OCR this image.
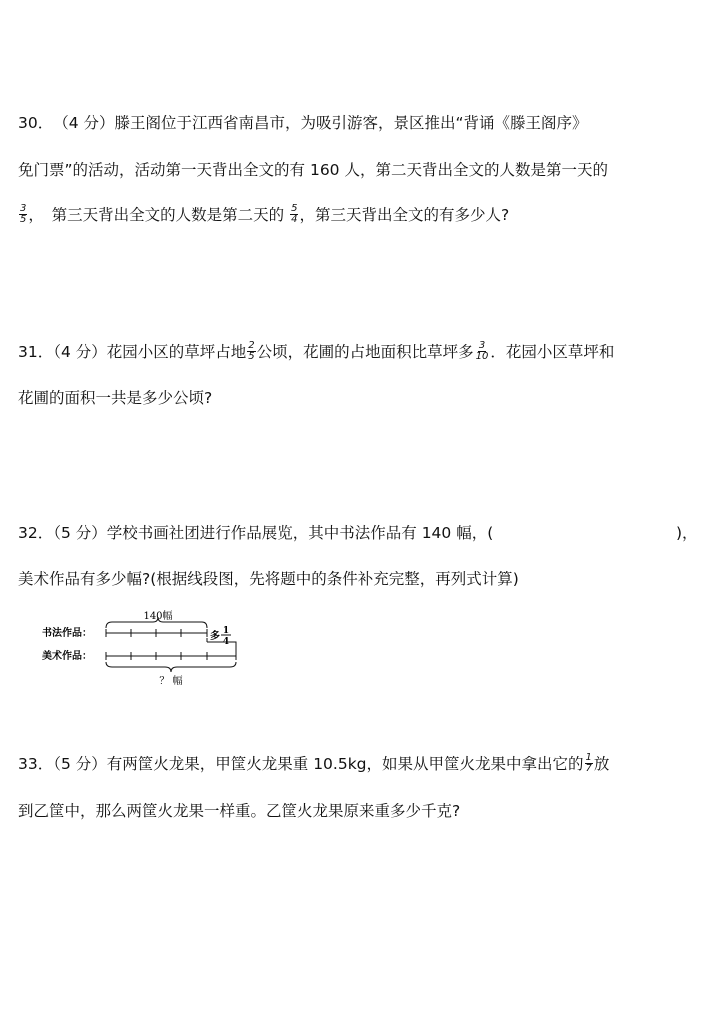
30．　（4 分）滕王阁位于江西省南昌市，为吸引游客，景区推出“背诵《滕王阁序》
免门票”的活动，活动第一天背出全文的有 160 人，第二天背出全文的人数是第一天的
$\frac{3}{5}$ ，　第三天背出全文的人数是第二天的 $\frac{5}{4}$ ，第三天背出全文的有多少人?
31．（4 分）花园小区的草坪占地 $\frac{2}{5}$ 公顷，花圃的占地面积比草坪多 $\frac{3}{10}$ ．花园小区草坪和
花圃的面积一共是多少公顷?
32．（5 分）学校书画社团进行作品展览，其中书法作品有 140 幅，(	)，
美术作品有多少幅?(根据线段图，先将题中的条件补充完整，再列式计算)
140幅
书法作品：	多 1
4
美术作品：
？ 幅
33．（5 分）有两筐火龙果，甲筐火龙果重 10.5kg，如果从甲筐火龙果中拿出它的 $\frac{1}{7}$ 放
到乙筐中，那么两筐火龙果一样重。乙筐火龙果原来重多少千克?
